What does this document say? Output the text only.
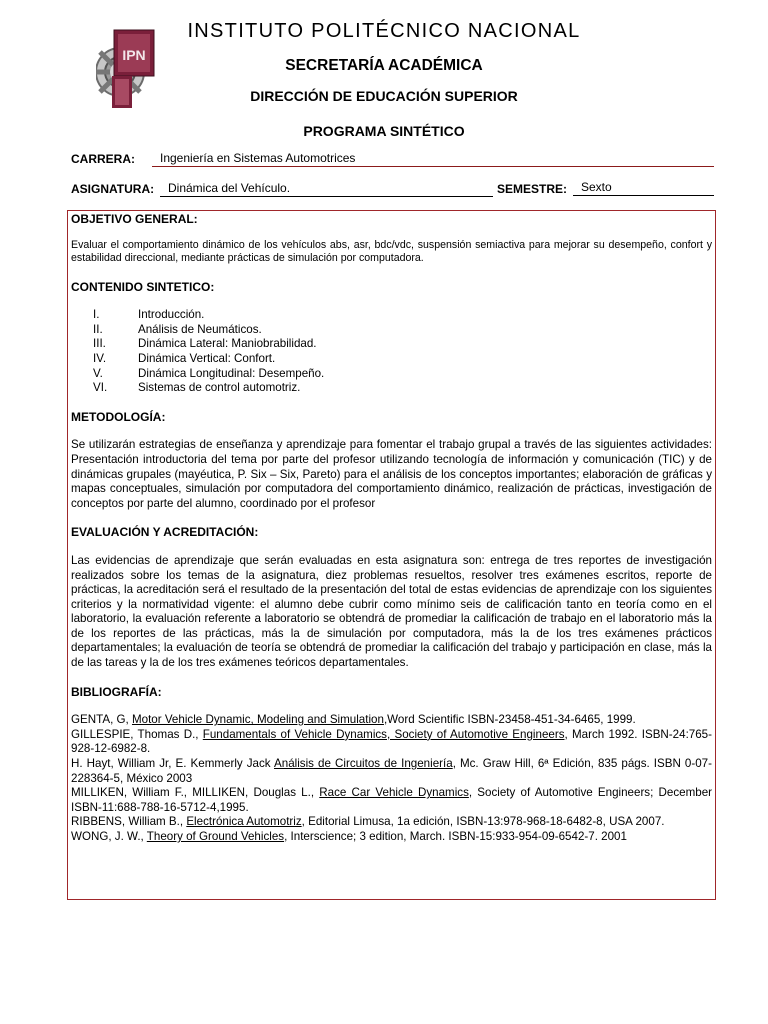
IPN
INSTITUTO POLITÉCNICO NACIONAL
SECRETARÍA ACADÉMICA
DIRECCIÓN DE EDUCACIÓN SUPERIOR
PROGRAMA SINTÉTICO
CARRERA:	Ingeniería en Sistemas Automotrices
ASIGNATURA:	Dinámica del Vehículo.	SEMESTRE:	Sexto
OBJETIVO GENERAL:
Evaluar el comportamiento dinámico de los vehículos abs, asr, bdc/vdc, suspensión semiactiva para mejorar su desempeño, confort y estabilidad direccional, mediante prácticas de simulación por computadora.
CONTENIDO SINTETICO:
I.	Introducción.
II.	Análisis de Neumáticos.
III.	Dinámica Lateral: Maniobrabilidad.
IV.	Dinámica Vertical: Confort.
V.	Dinámica Longitudinal: Desempeño.
VI.	Sistemas de control automotriz.
METODOLOGÍA:
Se utilizarán estrategias de enseñanza y aprendizaje para fomentar el trabajo grupal a través de las siguientes actividades: Presentación introductoria del tema por parte del profesor utilizando tecnología de información y comunicación (TIC) y de dinámicas grupales (mayéutica, P. Six – Six, Pareto) para el análisis de los conceptos importantes; elaboración de gráficas y mapas conceptuales, simulación por computadora del comportamiento dinámico, realización de prácticas, investigación de conceptos por parte del alumno, coordinado por el profesor
EVALUACIÓN Y ACREDITACIÓN:
Las evidencias de aprendizaje que serán evaluadas en esta asignatura son: entrega de tres reportes de investigación realizados sobre los temas de la asignatura, diez problemas resueltos, resolver tres exámenes escritos, reporte de prácticas, la acreditación será el resultado de la presentación del total de estas evidencias de aprendizaje con los siguientes criterios y la normatividad vigente: el alumno debe cubrir como mínimo seis de calificación tanto en teoría como en el laboratorio, la evaluación referente a laboratorio se obtendrá de promediar la calificación de trabajo en el laboratorio más la de los reportes de las prácticas, más la de simulación por computadora, más la de los tres exámenes prácticos departamentales; la evaluación de teoría se obtendrá de promediar la calificación del trabajo y participación en clase, más la de las tareas y la de los tres exámenes teóricos departamentales.
BIBLIOGRAFÍA:
GENTA, G, Motor Vehicle Dynamic, Modeling and Simulation,Word Scientific ISBN-23458-451-34-6465, 1999.
GILLESPIE, Thomas D., Fundamentals of Vehicle Dynamics, Society of Automotive Engineers, March 1992. ISBN-24:765-928-12-6982-8.
H. Hayt, William Jr, E. Kemmerly Jack Análisis de Circuitos de Ingeniería, Mc. Graw Hill, 6ª Edición, 835 págs. ISBN 0-07-228364-5, México 2003
MILLIKEN, William F., MILLIKEN, Douglas L., Race Car Vehicle Dynamics, Society of Automotive Engineers; December ISBN-11:688-788-16-5712-4,1995.
RIBBENS, William B., Electrónica Automotriz, Editorial Limusa, 1a edición, ISBN-13:978-968-18-6482-8, USA 2007.
WONG, J. W., Theory of Ground Vehicles, Interscience; 3 edition, March. ISBN-15:933-954-09-6542-7. 2001
